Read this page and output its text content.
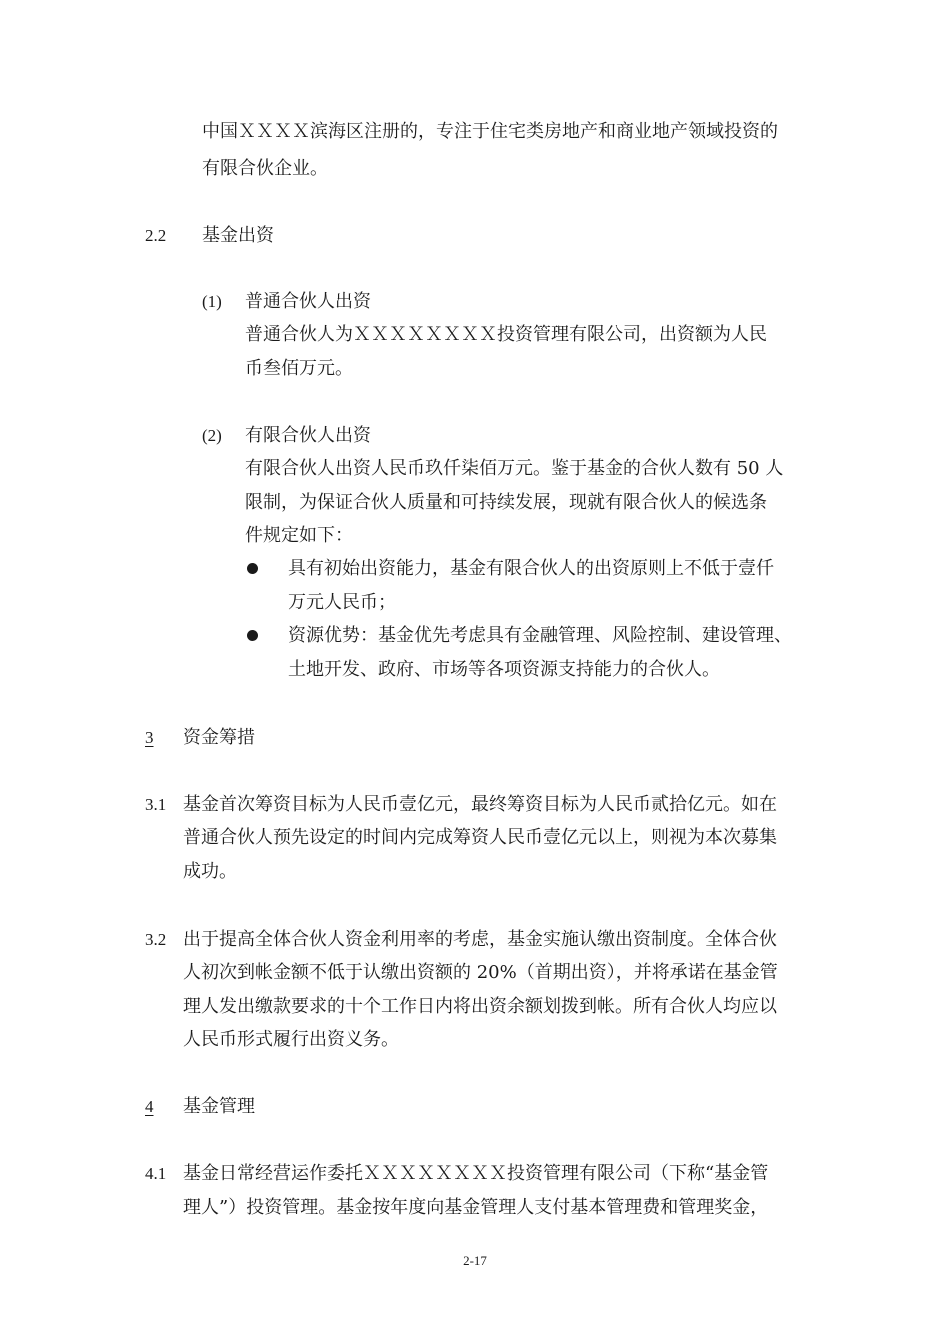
中国ＸＸＸＸ滨海区注册的，专注于住宅类房地产和商业地产领域投资的
有限合伙企业。
2.2 基金出资
(1) 普通合伙人出资
普通合伙人为ＸＸＸＸＸＸＸＸ投资管理有限公司，出资额为人民
币叁佰万元。
(2) 有限合伙人出资
有限合伙人出资人民币玖仟柒佰万元。鉴于基金的合伙人数有 50 人
限制，为保证合伙人质量和可持续发展，现就有限合伙人的候选条
件规定如下：
具有初始出资能力，基金有限合伙人的出资原则上不低于壹仟
万元人民币；
资源优势：基金优先考虑具有金融管理、风险控制、建设管理、
土地开发、政府、市场等各项资源支持能力的合伙人。
3 资金筹措
3.1 基金首次筹资目标为人民币壹亿元，最终筹资目标为人民币贰拾亿元。如在
普通合伙人预先设定的时间内完成筹资人民币壹亿元以上，则视为本次募集
成功。
3.2 出于提高全体合伙人资金利用率的考虑，基金实施认缴出资制度。全体合伙
人初次到帐金额不低于认缴出资额的 20%（首期出资），并将承诺在基金管
理人发出缴款要求的十个工作日内将出资余额划拨到帐。所有合伙人均应以
人民币形式履行出资义务。
4 基金管理
4.1 基金日常经营运作委托ＸＸＸＸＸＸＸＸ投资管理有限公司（下称“基金管
理人”）投资管理。基金按年度向基金管理人支付基本管理费和管理奖金，
2-17
